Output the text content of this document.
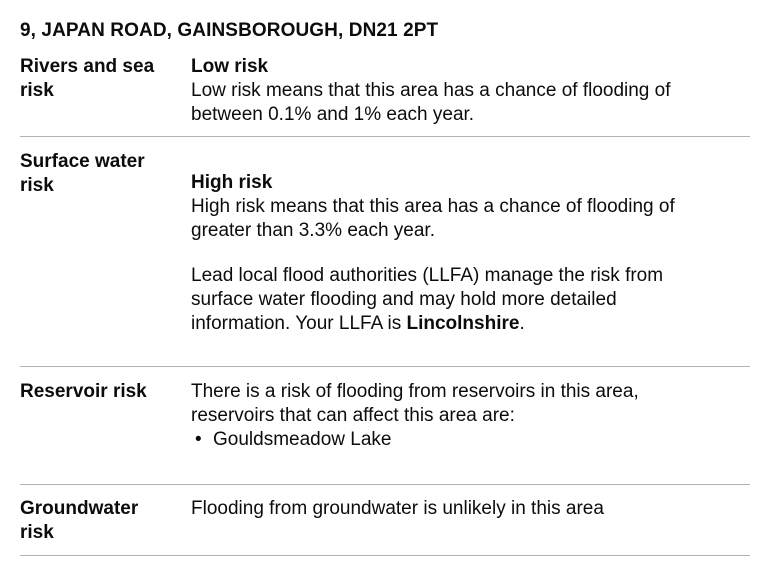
9, JAPAN ROAD, GAINSBOROUGH, DN21 2PT
Rivers and sea
risk
Low risk
Low risk means that this area has a chance of flooding of
between 0.1% and 1% each year.
Surface water
risk	High risk
High risk means that this area has a chance of flooding of
greater than 3.3% each year.
Lead local flood authorities (LLFA) manage the risk from
surface water flooding and may hold more detailed
information. Your LLFA is Lincolnshire.
Reservoir risk	There is a risk of flooding from reservoirs in this area,
reservoirs that can affect this area are:
• Gouldsmeadow Lake
Groundwater
risk
Flooding from groundwater is unlikely in this area
